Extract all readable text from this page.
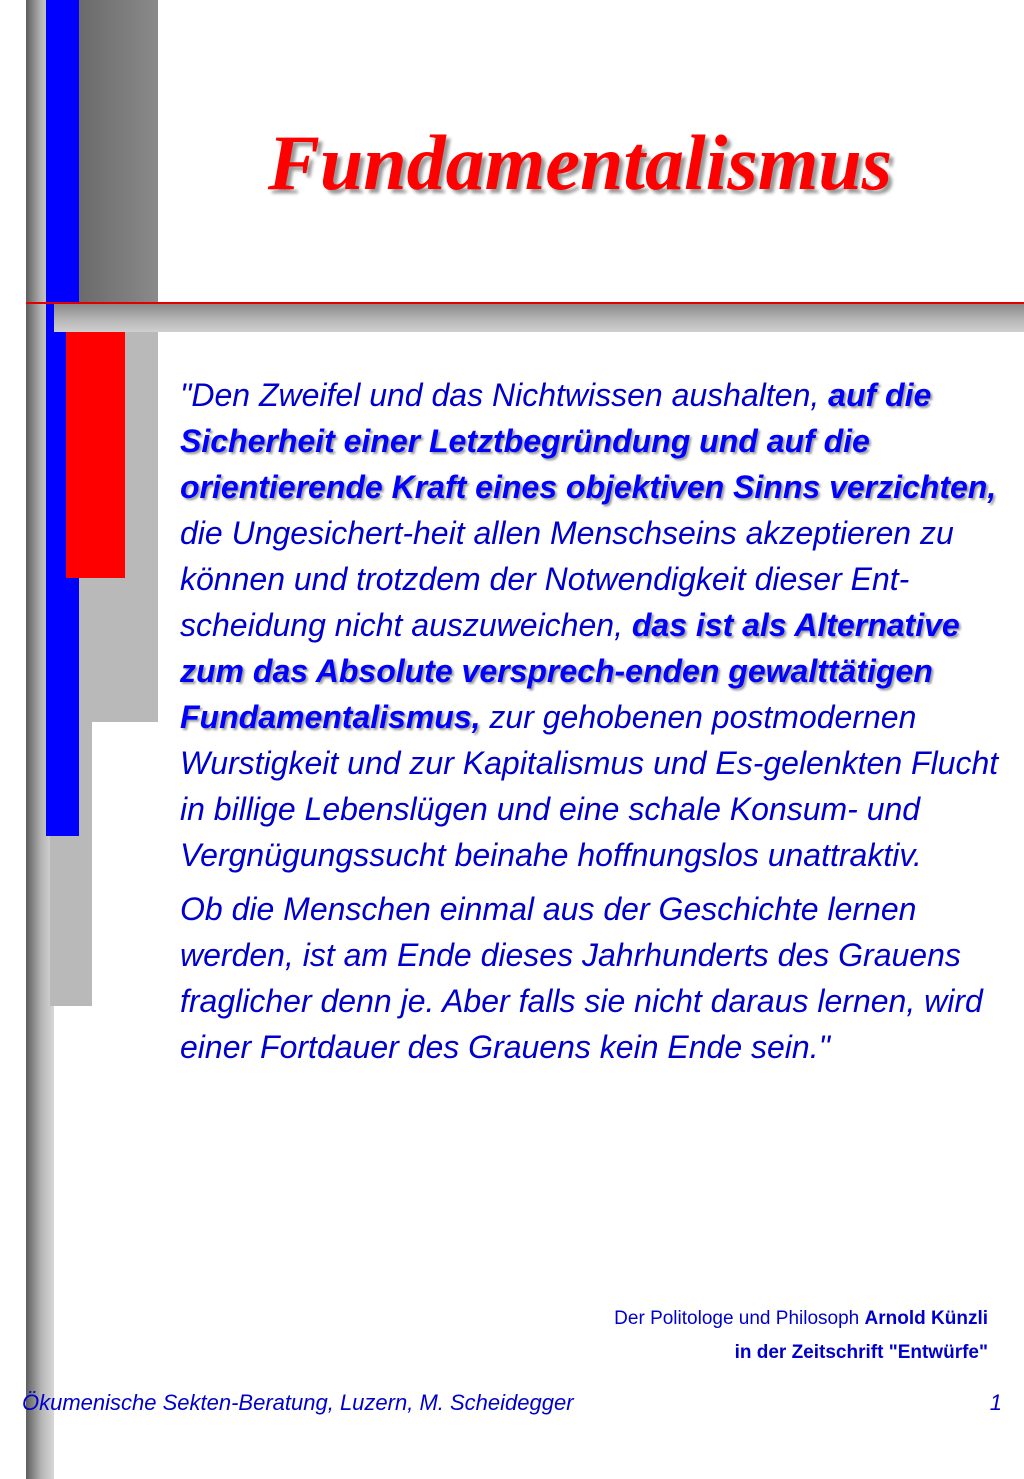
Fundamentalismus

"Den Zweifel und das Nichtwissen aushalten, auf die Sicherheit einer Letztbegründung und auf die orientierende Kraft eines objektiven Sinns verzichten, die Ungesichert-heit allen Menschseins akzeptieren zu können und trotzdem der Notwendigkeit dieser Ent-scheidung nicht auszuweichen, das ist als Alternative zum das Absolute versprech-enden gewalttätigen Fundamentalismus, zur gehobenen postmodernen Wurstigkeit und zur Kapitalismus und Es-gelenkten Flucht in billige Lebenslügen und eine schale Konsum- und Vergnügungssucht beinahe hoffnungslos unattraktiv.

Ob die Menschen einmal aus der Geschichte lernen werden, ist am Ende dieses Jahrhunderts des Grauens fraglicher denn je. Aber falls sie nicht daraus lernen, wird einer Fortdauer des Grauens kein Ende sein."

Der Politologe und Philosoph Arnold Künzli
in der Zeitschrift "Entwürfe"
Ökumenische Sekten-Beratung, Luzern, M. Scheidegger	1
